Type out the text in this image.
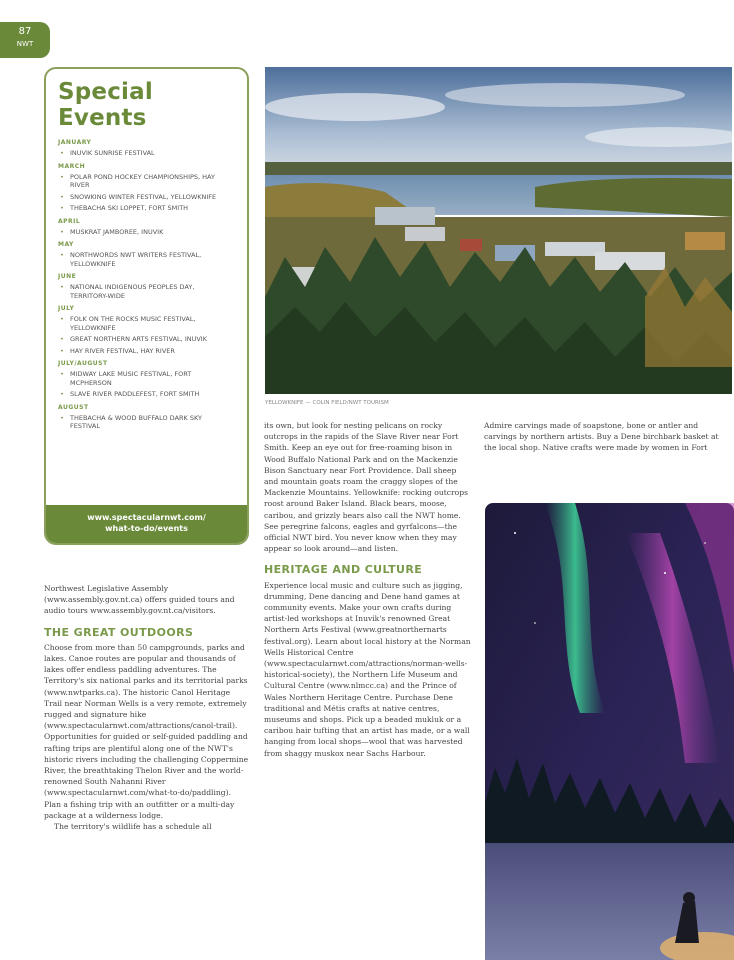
87
NWT
Special Events
JANUARY
• INUVIK SUNRISE FESTIVAL
MARCH
• POLAR POND HOCKEY CHAMPIONSHIPS, HAY RIVER
• SNOWKING WINTER FESTIVAL, YELLOWKNIFE
• THEBACHA SKI LOPPET, FORT SMITH
APRIL
• MUSKRAT JAMBOREE, INUVIK
MAY
• NORTHWORDS NWT WRITERS FESTIVAL, YELLOWKNIFE
JUNE
• NATIONAL INDIGENOUS PEOPLES DAY, TERRITORY-WIDE
JULY
• FOLK ON THE ROCKS MUSIC FESTIVAL, YELLOWKNIFE
• GREAT NORTHERN ARTS FESTIVAL, INUVIK
• HAY RIVER FESTIVAL, HAY RIVER
JULY/AUGUST
• MIDWAY LAKE MUSIC FESTIVAL, FORT MCPHERSON
• SLAVE RIVER PADDLEFEST, FORT SMITH
AUGUST
• THEBACHA & WOOD BUFFALO DARK SKY FESTIVAL
www.spectacularnwt.com/
what-to-do/events
YELLOWKNIFE — COLIN FIELD/NWT TOURISM

Northwest Legislative Assembly (www.assembly.gov.nt.ca) offers guided tours and audio tours www.assembly.gov.nt.ca/visitors.

THE GREAT OUTDOORS

Choose from more than 50 campgrounds, parks and lakes. Canoe routes are popular and thousands of lakes offer endless paddling adventures. The Territory's six national parks and its territorial parks (www.nwtparks.ca). The historic Canol Heritage Trail near Norman Wells is a very remote, extremely rugged and signature hike (www.spectacularnwt.com/attractions/canol-trail). Opportunities for guided or self-guided paddling and rafting trips are plentiful along one of the NWT's historic rivers including the challenging Coppermine River, the breathtaking Thelon River and the world-renowned South Nahanni River (www.spectacularnwt.com/what-to-do/paddling). Plan a fishing trip with an outfitter or a multi-day package at a wilderness lodge.

The territory's wildlife has a schedule all

its own, but look for nesting pelicans on rocky outcrops in the rapids of the Slave River near Fort Smith. Keep an eye out for free-roaming bison in Wood Buffalo National Park and on the Mackenzie Bison Sanctuary near Fort Providence. Dall sheep and mountain goats roam the craggy slopes of the Mackenzie Mountains. Yellowknife: rocking outcrops roost around Baker Island. Black bears, moose, caribou, and grizzly bears also call the NWT home. See peregrine falcons, eagles and gyrfalcons—the official NWT bird. You never know when they may appear so look around—and listen.

HERITAGE AND CULTURE

Experience local music and culture such as jigging, drumming, Dene dancing and Dene hand games at community events. Make your own crafts during artist-led workshops at Inuvik's renowned Great Northern Arts Festival (www.greatnorthernarts festival.org). Learn about local history at the Norman Wells Historical Centre (www.spectacularnwt.com/attractions/norman-wells-historical-society), the Northern Life Museum and Cultural Centre (www.nlmcc.ca) and the Prince of Wales Northern Heritage Centre. Purchase Dene traditional and Métis crafts at native centres, museums and shops. Pick up a beaded mukluk or a caribou hair tufting that an artist has made, or a wall hanging from local shops—wool that was harvested from shaggy muskox near Sachs Harbour.

Admire carvings made of soapstone, bone or antler and carvings by northern artists. Buy a Dene birchbark basket at the local shop. Native crafts were made by women in Fort
